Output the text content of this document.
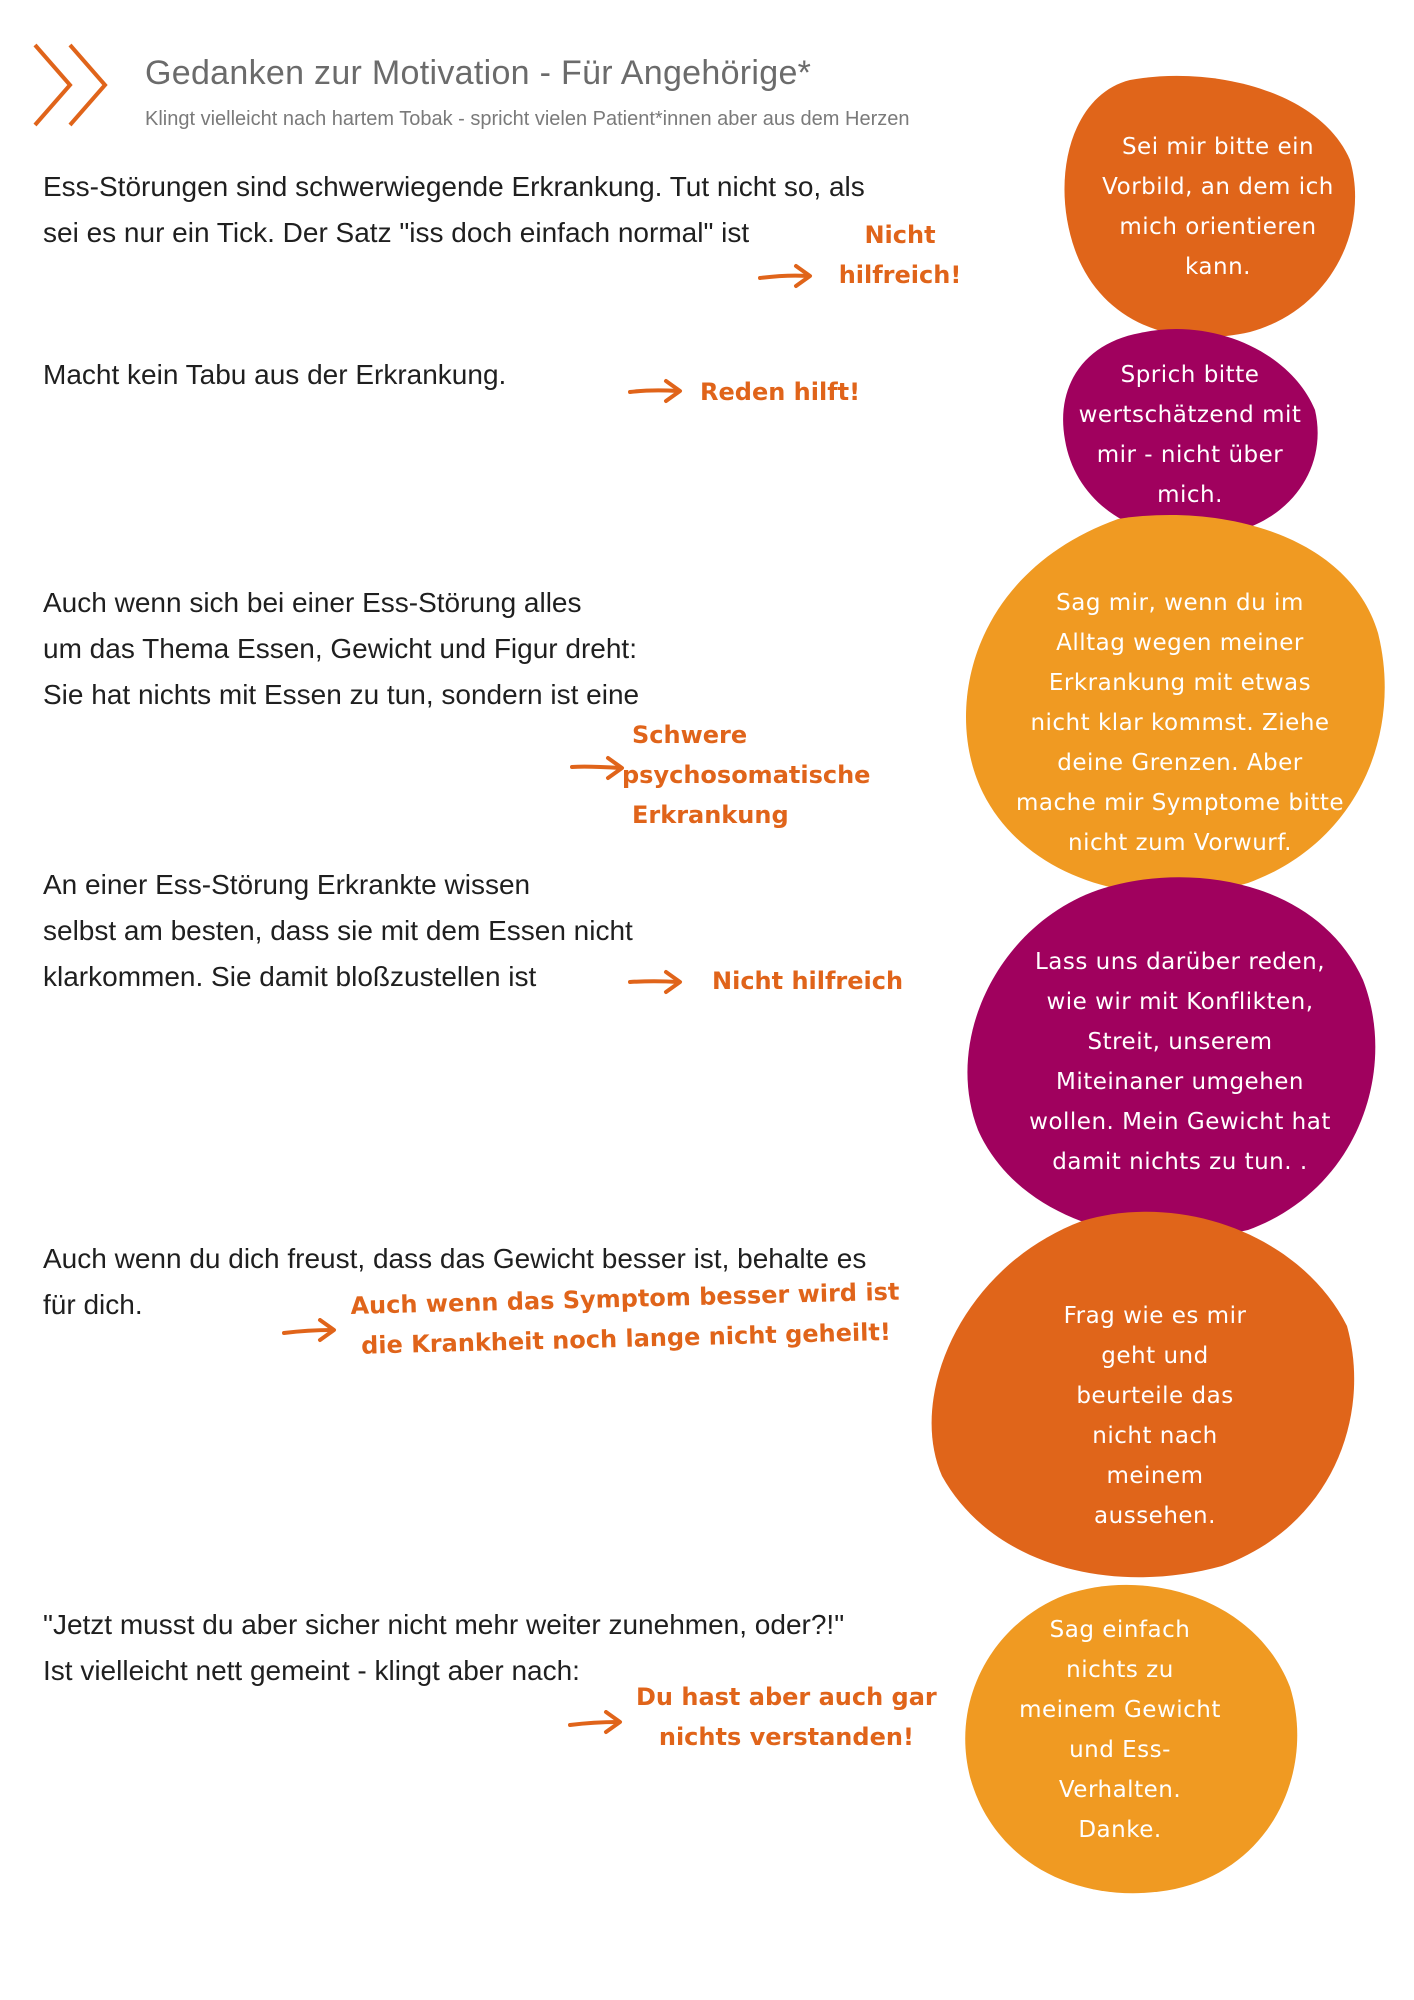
Gedanken zur Motivation - Für Angehörige*
Klingt vielleicht nach hartem Tobak - spricht vielen Patient*innen aber aus dem Herzen
Sei mir bitte ein
Vorbild, an dem ich
mich orientieren
kann.
Sprich bitte
wertschätzend mit
mir - nicht über
mich.
Sag mir, wenn du im
Alltag wegen meiner
Erkrankung mit etwas
nicht klar kommst. Ziehe
deine Grenzen. Aber
mache mir Symptome bitte
nicht zum Vorwurf.
Lass uns darüber reden,
wie wir mit Konflikten,
Streit, unserem
Miteinaner umgehen
wollen. Mein Gewicht hat
damit nichts zu tun. .
Frag wie es mir
geht und
beurteile das
nicht nach
meinem
aussehen.
Sag einfach
nichts zu
meinem Gewicht
und Ess-
Verhalten.
Danke.
Ess-Störungen sind schwerwiegende Erkrankung. Tut nicht so, als
sei es nur ein Tick. Der Satz "iss doch einfach normal" ist	Nicht
hilfreich!
Macht kein Tabu aus der Erkrankung.
Reden hilft!
Auch wenn sich bei einer Ess-Störung alles
um das Thema Essen, Gewicht und Figur dreht:
Sie hat nichts mit Essen zu tun, sondern ist eine
Schwere
psychosomatische
Erkrankung
An einer Ess-Störung Erkrankte wissen
selbst am besten, dass sie mit dem Essen nicht
klarkommen. Sie damit bloßzustellen ist	Nicht hilfreich
Auch wenn du dich freust, dass das Gewicht besser ist, behalte es
für dich.	Auch wenn das Symptom besser wird ist
die Krankheit noch lange nicht geheilt!
"Jetzt musst du aber sicher nicht mehr weiter zunehmen, oder?!"
Ist vielleicht nett gemeint - klingt aber nach:
Du hast aber auch gar
nichts verstanden!
